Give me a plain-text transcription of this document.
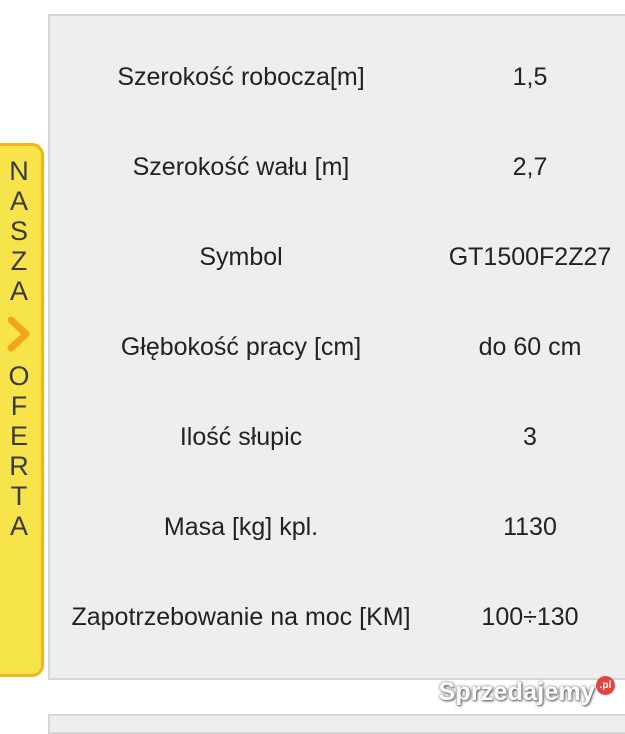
Szerokość robocza[m]	1,5
Szerokość wału [m]	2,7
Symbol	GT1500F2Z27
Głębokość pracy [cm]	do 60 cm
Ilość słupic	3
Masa [kg] kpl.	1130
Zapotrzebowanie na moc [KM]	100÷130
N
A
S
Z
A
O
F
E
R
T
A
Sprzedajemy .pl
